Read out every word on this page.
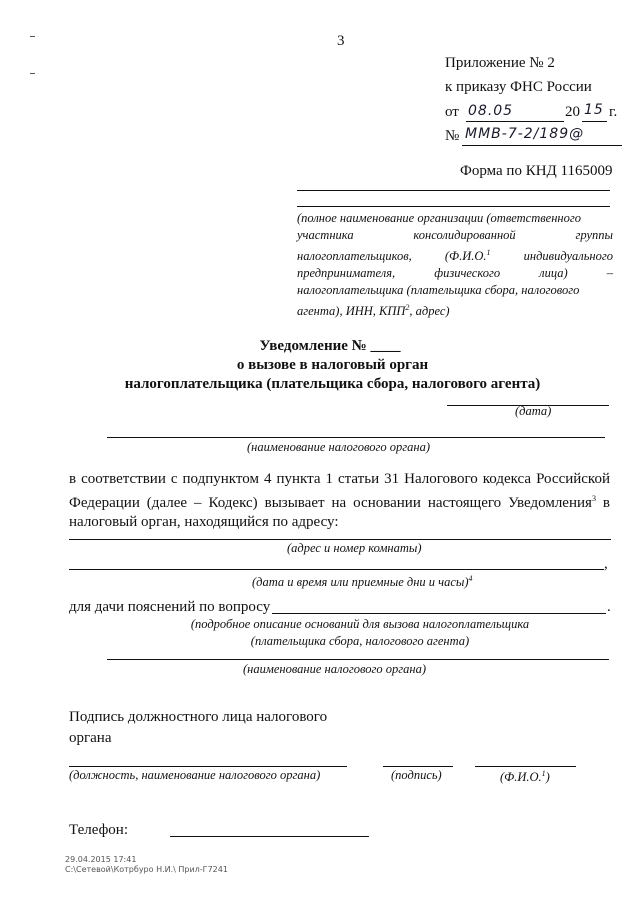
3
Приложение № 2
к приказу ФНС России
от 08.05	20 15 г.
№ ММВ-7-2/189@
Форма по КНД 1165009
(полное наименование организации (ответственного
участника	консолидированной	группы
налогоплательщиков,	(Ф.И.О.$^1$	индивидуального
предпринимателя,	физического	лица)	–
налогоплательщика (плательщика сбора, налогового
агента), ИНН, КПП$^2$, адрес)
Уведомление № ____
о вызове в налоговый орган
налогоплательщика (плательщика сбора, налогового агента)
(дата)
(наименование налогового органа)
в соответствии с подпунктом 4 пункта 1 статьи 31 Налогового кодекса Российской
Федерации (далее – Кодекс) вызывает на основании настоящего Уведомления$^3$ в
налоговый орган, находящийся по адресу:
(адрес и номер комнаты)
,
(дата и время или приемные дни и часы)$^4$
для дачи пояснений по вопросу	.
(подробное описание оснований для вызова налогоплательщика
(плательщика сбора, налогового агента)
(наименование налогового органа)
Подпись должностного лица налогового
органа
(должность, наименование налогового органа)	(подпись)	(Ф.И.О.$^1$)
Телефон:
29.04.2015 17:41
С:\Сетевой\Котрбуро Н.И.\ Прил-Г7241
